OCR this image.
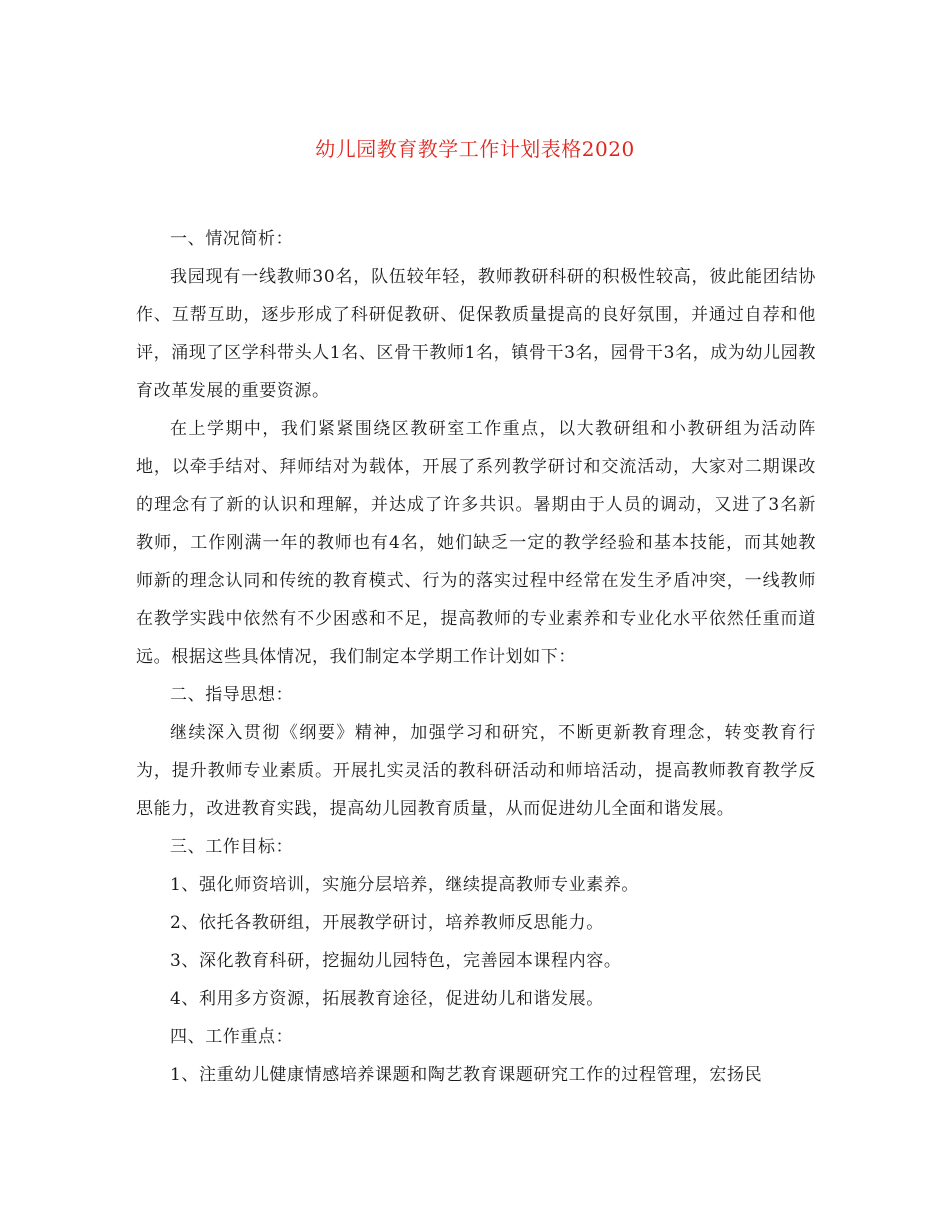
幼儿园教育教学工作计划表格2020

一、情况简析：

我园现有一线教师30名，队伍较年轻，教师教研科研的积极性较高，彼此能团结协作、互帮互助，逐步形成了科研促教研、促保教质量提高的良好氛围，并通过自荐和他评，涌现了区学科带头人1名、区骨干教师1名，镇骨干3名，园骨干3名，成为幼儿园教育改革发展的重要资源。

在上学期中，我们紧紧围绕区教研室工作重点，以大教研组和小教研组为活动阵地，以牵手结对、拜师结对为载体，开展了系列教学研讨和交流活动，大家对二期课改的理念有了新的认识和理解，并达成了许多共识。暑期由于人员的调动，又进了3名新教师，工作刚满一年的教师也有4名，她们缺乏一定的教学经验和基本技能，而其她教师新的理念认同和传统的教育模式、行为的落实过程中经常在发生矛盾冲突，一线教师在教学实践中依然有不少困惑和不足，提高教师的专业素养和专业化水平依然任重而道远。根据这些具体情况，我们制定本学期工作计划如下：

二、指导思想：

继续深入贯彻《纲要》精神，加强学习和研究，不断更新教育理念，转变教育行为，提升教师专业素质。开展扎实灵活的教科研活动和师培活动，提高教师教育教学反思能力，改进教育实践，提高幼儿园教育质量，从而促进幼儿全面和谐发展。

三、工作目标：

1、强化师资培训，实施分层培养，继续提高教师专业素养。

2、依托各教研组，开展教学研讨，培养教师反思能力。

3、深化教育科研，挖掘幼儿园特色，完善园本课程内容。

4、利用多方资源，拓展教育途径，促进幼儿和谐发展。

四、工作重点：

1、注重幼儿健康情感培养课题和陶艺教育课题研究工作的过程管理，宏扬民
